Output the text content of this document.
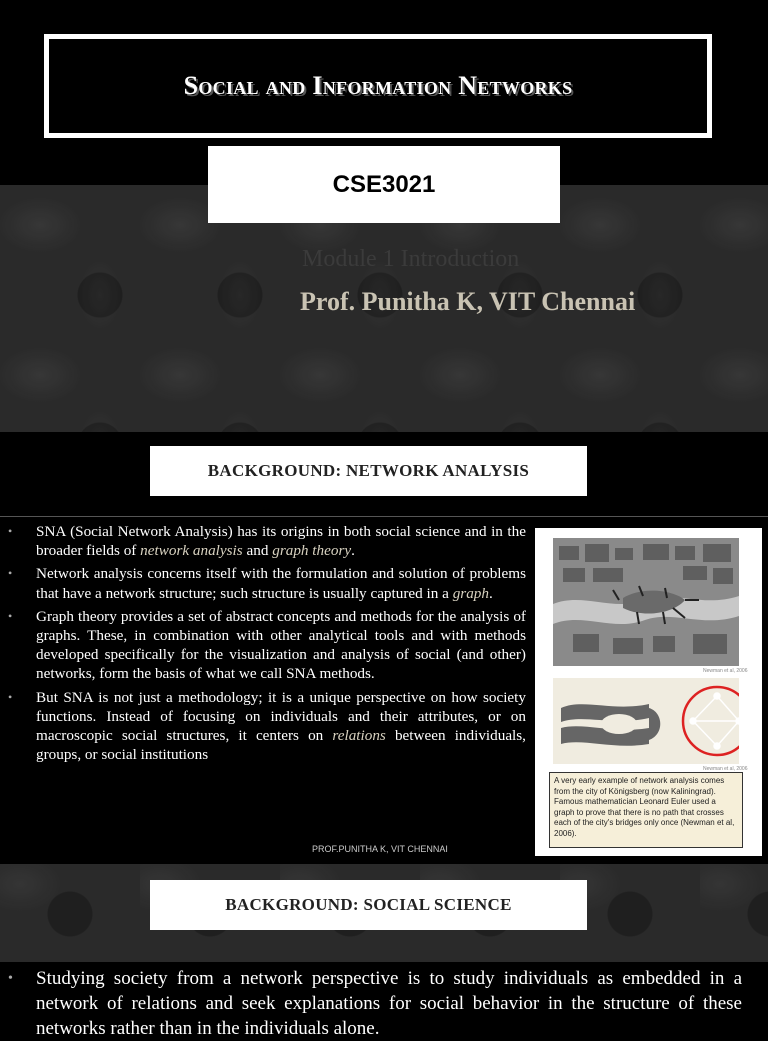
Social and Information Networks
CSE3021
Module 1 Introduction
Prof. Punitha K, VIT Chennai
BACKGROUND: NETWORK ANALYSIS
• SNA (Social Network Analysis) has its origins in both social science and in the broader fields of network analysis and graph theory.
• Network analysis concerns itself with the formulation and solution of problems that have a network structure; such structure is usually captured in a graph.
• Graph theory provides a set of abstract concepts and methods for the analysis of graphs. These, in combination with other analytical tools and with methods developed specifically for the visualization and analysis of social (and other) networks, form the basis of what we call SNA methods.
• But SNA is not just a methodology; it is a unique perspective on how society functions. Instead of focusing on individuals and their attributes, or on macroscopic social structures, it centers on relations between individuals, groups, or social institutions
Newman et al, 2006
Newman et al, 2006
A very early example of network analysis comes from the city of Königsberg (now Kaliningrad). Famous mathematician Leonard Euler used a graph to prove that there is no path that crosses each of the city's bridges only once (Newman et al, 2006).
PROF.PUNITHA K, VIT CHENNAI
BACKGROUND: SOCIAL SCIENCE
• Studying society from a network perspective is to study individuals as embedded in a network of relations and seek explanations for social behavior in the structure of these networks rather than in the individuals alone.
